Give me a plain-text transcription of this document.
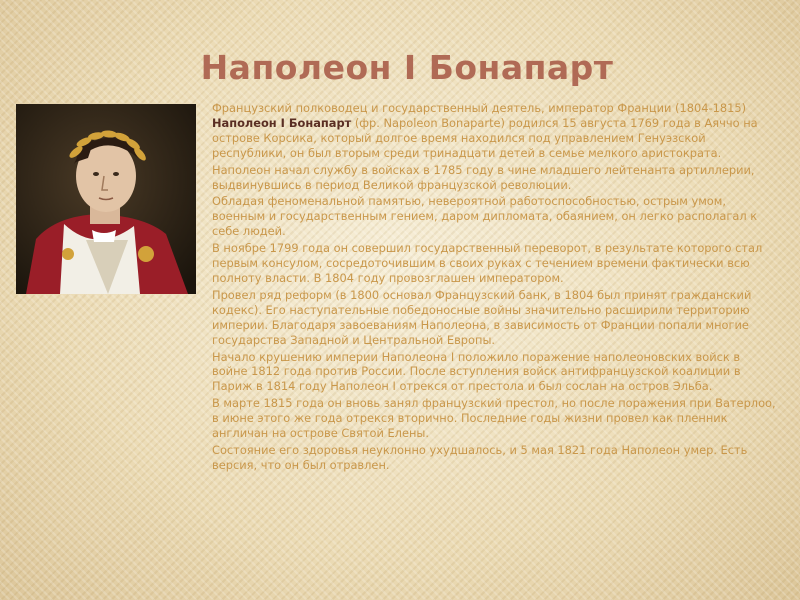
Наполеон I Бонапарт

Французский полководец и государственный деятель, император Франции (1804-1815) Наполеон I Бонапарт (фр. Napoleon Bonaparte) родился 15 августа 1769 года в Аяччо на острове Корсика, который долгое время находился под управлением Генуэзской республики, он был вторым среди тринадцати детей в семье мелкого аристократа.

Наполеон начал службу в войсках в 1785 году в чине младшего лейтенанта артиллерии, выдвинувшись в период Великой французской революции.

Обладая феноменальной памятью, невероятной работоспособностью, острым умом, военным и государственным гением, даром дипломата, обаянием, он легко располагал к себе людей.

В ноябре 1799 года он совершил государственный переворот, в результате которого стал первым консулом, сосредоточившим в своих руках с течением времени фактически всю полноту власти. В 1804 году провозглашен императором.

Провел ряд реформ (в 1800 основал Французский банк, в 1804 был принят гражданский кодекс). Его наступательные победоносные войны значительно расширили территорию империи. Благодаря завоеваниям Наполеона, в зависимость от Франции попали многие государства Западной и Центральной Европы.

Начало крушению империи Наполеона I положило поражение наполеоновских войск в войне 1812 года против России. После вступления войск антифранцузской коалиции в Париж в 1814 году Наполеон I отрекся от престола и был сослан на остров Эльба.

В марте 1815 года он вновь занял французский престол, но после поражения при Ватерлоо, в июне этого же года отрекся вторично. Последние годы жизни провел как пленник англичан на острове Святой Елены.

Состояние его здоровья неуклонно ухудшалось, и 5 мая 1821 года Наполеон умер. Есть версия, что он был отравлен.
